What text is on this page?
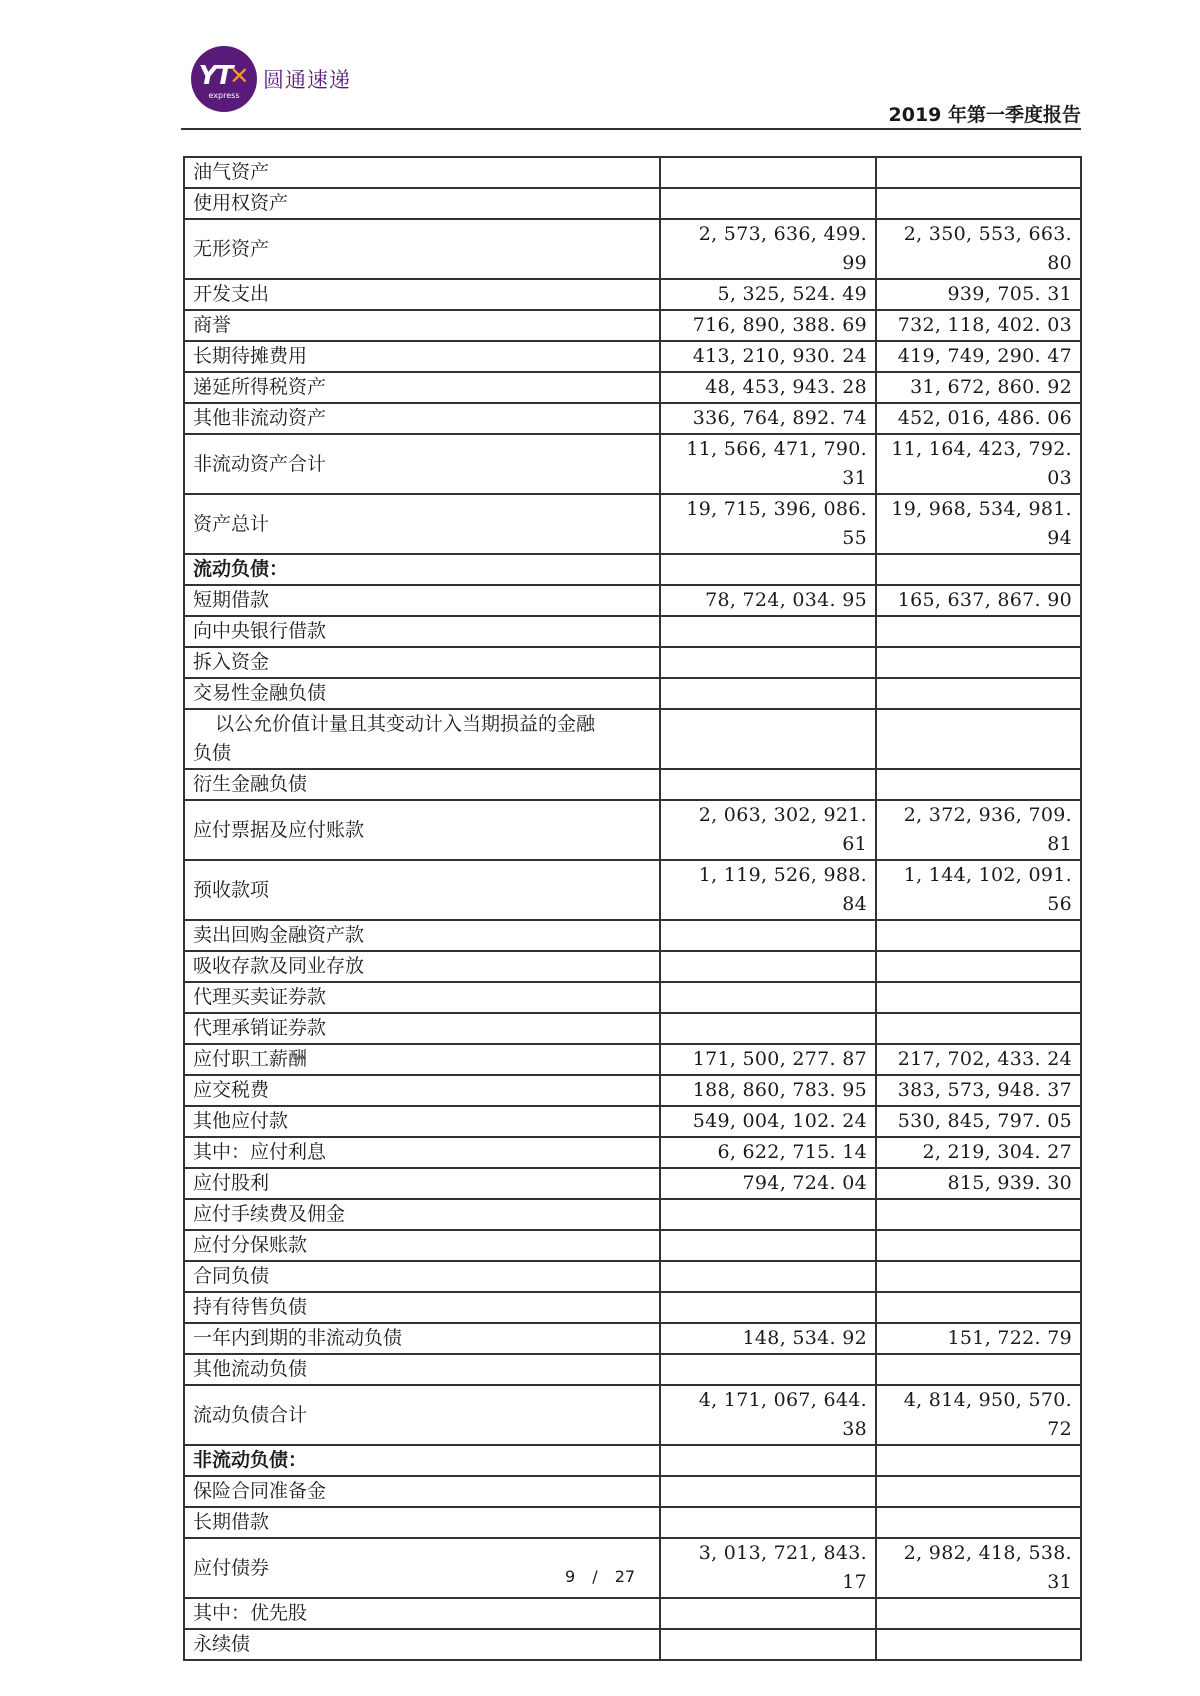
YT
✕
express
圆通速递
2019 年第一季度报告
油气资产		
使用权资产		
无形资产	2, 573, 636, 499. 99	2, 350, 553, 663. 80
开发支出	5, 325, 524. 49	939, 705. 31
商誉	716, 890, 388. 69	732, 118, 402. 03
长期待摊费用	413, 210, 930. 24	419, 749, 290. 47
递延所得税资产	48, 453, 943. 28	31, 672, 860. 92
其他非流动资产	336, 764, 892. 74	452, 016, 486. 06
非流动资产合计	11, 566, 471, 790. 31	11, 164, 423, 792. 03
资产总计	19, 715, 396, 086. 55	19, 968, 534, 981. 94
流动负债：		
短期借款	78, 724, 034. 95	165, 637, 867. 90
向中央银行借款		
拆入资金		
交易性金融负债		

以公允价值计量且其变动计入当期损益的金融
负债		

衍生金融负债		
应付票据及应付账款	2, 063, 302, 921. 61	2, 372, 936, 709. 81
预收款项	1, 119, 526, 988. 84	1, 144, 102, 091. 56
卖出回购金融资产款		
吸收存款及同业存放		
代理买卖证券款		
代理承销证券款		
应付职工薪酬	171, 500, 277. 87	217, 702, 433. 24
应交税费	188, 860, 783. 95	383, 573, 948. 37
其他应付款	549, 004, 102. 24	530, 845, 797. 05
其中：应付利息	6, 622, 715. 14	2, 219, 304. 27
应付股利	794, 724. 04	815, 939. 30
应付手续费及佣金		
应付分保账款		
合同负债		
持有待售负债		
一年内到期的非流动负债	148, 534. 92	151, 722. 79
其他流动负债		
流动负债合计	4, 171, 067, 644. 38	4, 814, 950, 570. 72
非流动负债：		
保险合同准备金		
长期借款		
应付债券	3, 013, 721, 843. 17	2, 982, 418, 538. 31
其中：优先股		
永续债		
9 / 27
